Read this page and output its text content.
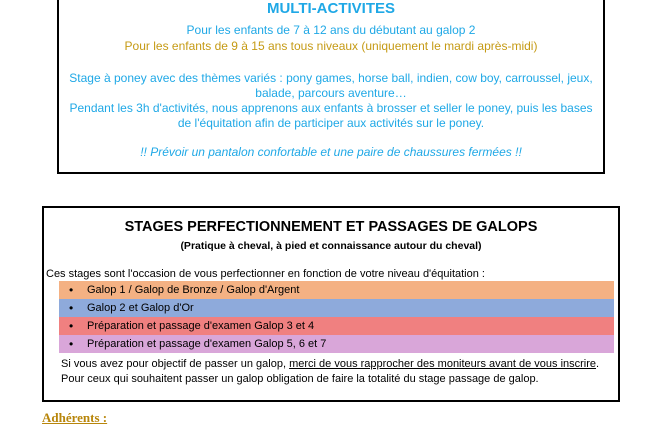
MULTI-ACTIVITES
Pour les enfants de 7 à 12 ans du débutant au galop 2
Pour les enfants de 9 à 15 ans tous niveaux (uniquement le mardi après-midi)
Stage à poney avec des thèmes variés : pony games, horse ball, indien, cow boy, carroussel, jeux,
balade, parcours aventure…
Pendant les 3h d'activités, nous apprenons aux enfants à brosser et seller le poney, puis les bases
de l'équitation afin de participer aux activités sur le poney.
!! Prévoir un pantalon confortable et une paire de chaussures fermées !!
STAGES PERFECTIONNEMENT ET PASSAGES DE GALOPS
(Pratique à cheval, à pied et connaissance autour du cheval)
Ces stages sont l'occasion de vous perfectionner en fonction de votre niveau d'équitation :
•	Galop 1 / Galop de Bronze / Galop d'Argent
•	Galop 2 et Galop d'Or
•	Préparation et passage d'examen Galop 3 et 4
•	Préparation et passage d'examen Galop 5, 6 et 7
Si vous avez pour objectif de passer un galop, merci de vous rapprocher des moniteurs avant de vous inscrire.
Pour ceux qui souhaitent passer un galop obligation de faire la totalité du stage passage de galop.
Adhérents :
